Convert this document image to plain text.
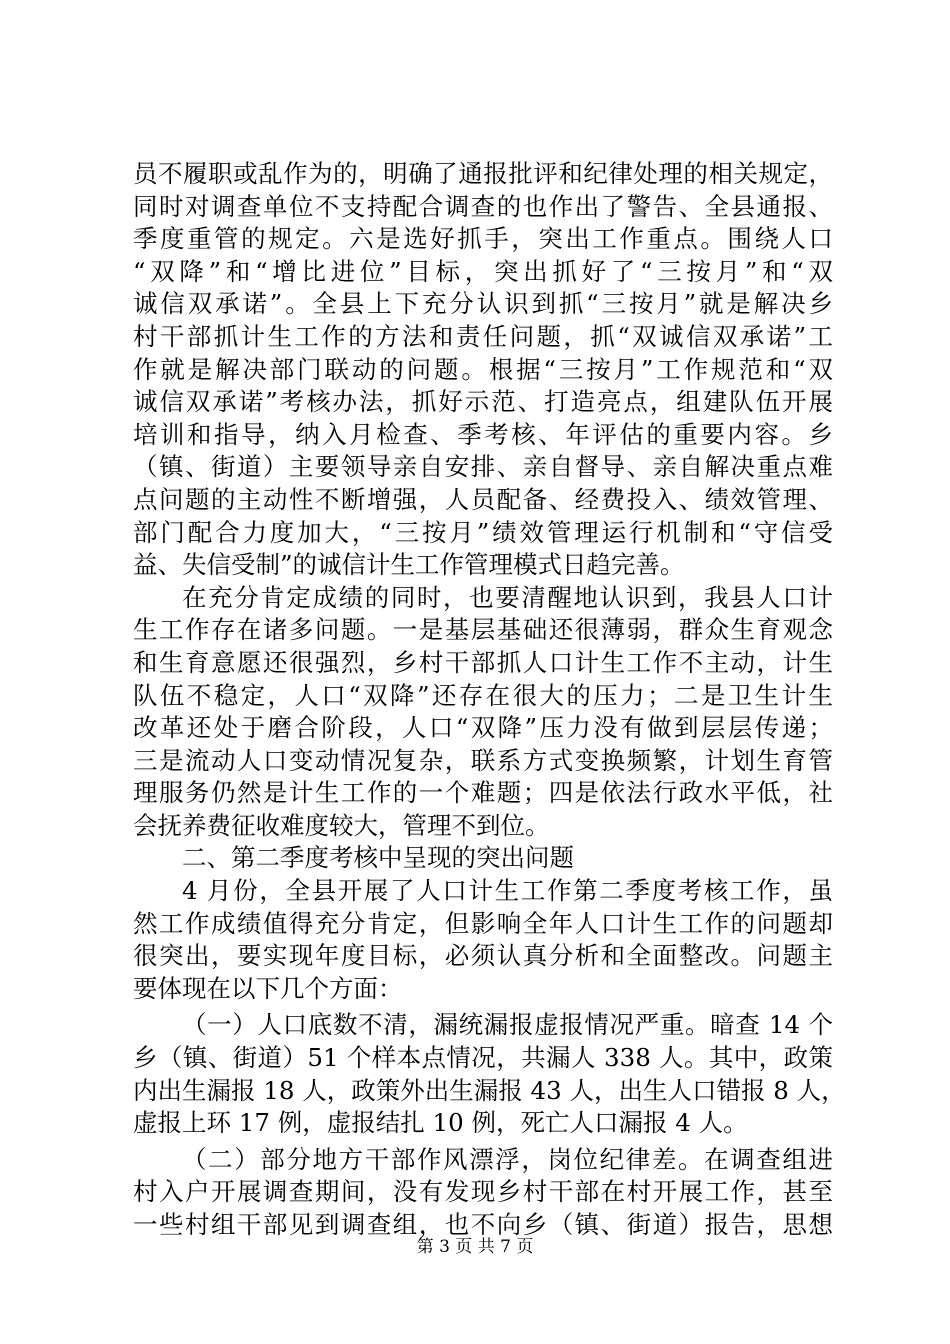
员不履职或乱作为的，明确了通报批评和纪律处理的相关规定，
同时对调查单位不支持配合调查的也作出了警告、全县通报、
季度重管的规定。六是选好抓手，突出工作重点。围绕人口
“双降”和“增比进位”目标，突出抓好了“三按月”和“双
诚信双承诺”。全县上下充分认识到抓“三按月”就是解决乡
村干部抓计生工作的方法和责任问题，抓“双诚信双承诺”工
作就是解决部门联动的问题。根据“三按月”工作规范和“双
诚信双承诺”考核办法，抓好示范、打造亮点，组建队伍开展
培训和指导，纳入月检查、季考核、年评估的重要内容。乡
（镇、街道）主要领导亲自安排、亲自督导、亲自解决重点难
点问题的主动性不断增强，人员配备、经费投入、绩效管理、
部门配合力度加大，“三按月”绩效管理运行机制和“守信受
益、失信受制”的诚信计生工作管理模式日趋完善。
在充分肯定成绩的同时，也要清醒地认识到，我县人口计
生工作存在诸多问题。一是基层基础还很薄弱，群众生育观念
和生育意愿还很强烈，乡村干部抓人口计生工作不主动，计生
队伍不稳定，人口“双降”还存在很大的压力；二是卫生计生
改革还处于磨合阶段，人口“双降”压力没有做到层层传递；
三是流动人口变动情况复杂，联系方式变换频繁，计划生育管
理服务仍然是计生工作的一个难题；四是依法行政水平低，社
会抚养费征收难度较大，管理不到位。
二、第二季度考核中呈现的突出问题
4 月份，全县开展了人口计生工作第二季度考核工作，虽
然工作成绩值得充分肯定，但影响全年人口计生工作的问题却
很突出，要实现年度目标，必须认真分析和全面整改。问题主
要体现在以下几个方面：
（一）人口底数不清，漏统漏报虚报情况严重。暗查 14 个
乡（镇、街道）51 个样本点情况，共漏人 338 人。其中，政策
内出生漏报 18 人，政策外出生漏报 43 人，出生人口错报 8 人，
虚报上环 17 例，虚报结扎 10 例，死亡人口漏报 4 人。
（二）部分地方干部作风漂浮，岗位纪律差。在调查组进
村入户开展调查期间，没有发现乡村干部在村开展工作，甚至
一些村组干部见到调查组，也不向乡（镇、街道）报告，思想
第 3 页 共 7 页
